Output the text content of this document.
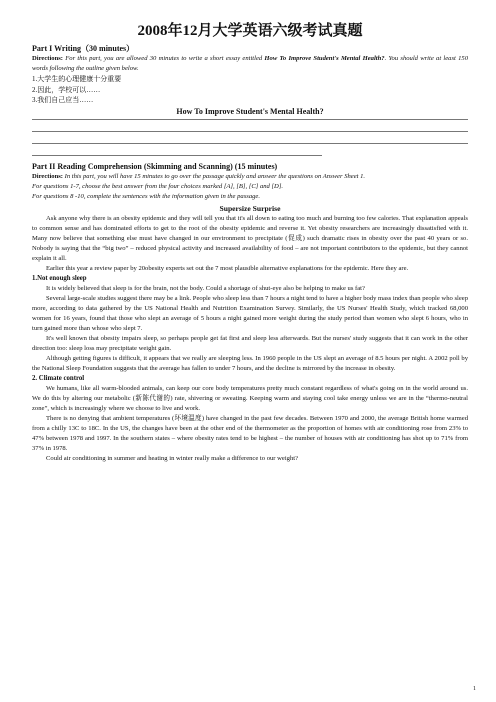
2008年12月大学英语六级考试真题
Part I Writing（30 minutes）

Directions: For this part, you are allowed 30 minutes to write a short essay entitled How To Improve Student's Mental Health?. You should write at least 150 words following the outline given below.

1.大学生的心理健康十分重要
2.因此，学校可以……
3.我们自己应当……
How To Improve Student's Mental Health?
Part II Reading Comprehension (Skimming and Scanning) (15 minutes)

Directions: In this part, you will have 15 minutes to go over the passage quickly and answer the questions on Answer Sheet 1.

For questions 1-7, choose the best answer from the four choices marked [A], [B], [C] and [D].

For questions 8 -10, complete the sentences with the information given in the passage.

Supersize Surprise

Ask anyone why there is an obesity epidemic and they will tell you that it's all down to eating too much and burning too few calories. That explanation appeals to common sense and has dominated efforts to get to the root of the obesity epidemic and reverse it. Yet obesity researchers are increasingly dissatisfied with it. Many now believe that something else must have changed in our environment to precipitate (促成) such dramatic rises in obesity over the past 40 years or so. Nobody is saying that the “big two” – reduced physical activity and increased availability of food – are not important contributors to the epidemic, but they cannot explain it all.

Earlier this year a review paper by 20obesity experts set out the 7 most plausible alternative explanations for the epidemic. Here they are.

1.Not enough sleep

It is widely believed that sleep is for the brain, not the body. Could a shortage of shut-eye also be helping to make us fat?

Several large-scale studies suggest there may be a link. People who sleep less than 7 hours a night tend to have a higher body mass index than people who sleep more, according to data gathered by the US National Health and Nutrition Examination Survey. Similarly, the US Nurses' Health Study, which tracked 68,000 women for 16 years, found that those who slept an average of 5 hours a night gained more weight during the study period than women who slept 6 hours, who in turn gained more than whose who slept 7.

It's well known that obesity impairs sleep, so perhaps people get fat first and sleep less afterwards. But the nurses' study suggests that it can work in the other direction too: sleep loss may precipitate weight gain.

Although getting figures is difficult, it appears that we really are sleeping less. In 1960 people in the US slept an average of 8.5 hours per night. A 2002 poll by the National Sleep Foundation suggests that the average has fallen to under 7 hours, and the decline is mirrored by the increase in obesity.

2. Climate control

We humans, like all warm-blooded animals, can keep our core body temperatures pretty much constant regardless of what's going on in the world around us. We do this by altering our metabolic (新陈代谢的) rate, shivering or sweating. Keeping warm and staying cool take energy unless we are in the “thermo-neutral zone”, which is increasingly where we choose to live and work.

There is no denying that ambient temperatures (环境温度) have changed in the past few decades. Between 1970 and 2000, the average British home warmed from a chilly 13C to 18C. In the US, the changes have been at the other end of the thermometer as the proportion of homes with air conditioning rose from 23% to 47% between 1978 and 1997. In the southern states – where obesity rates tend to be highest – the number of houses with air conditioning has shot up to 71% from 37% in 1978.

Could air conditioning in summer and heating in winter really make a difference to our weight?

1
